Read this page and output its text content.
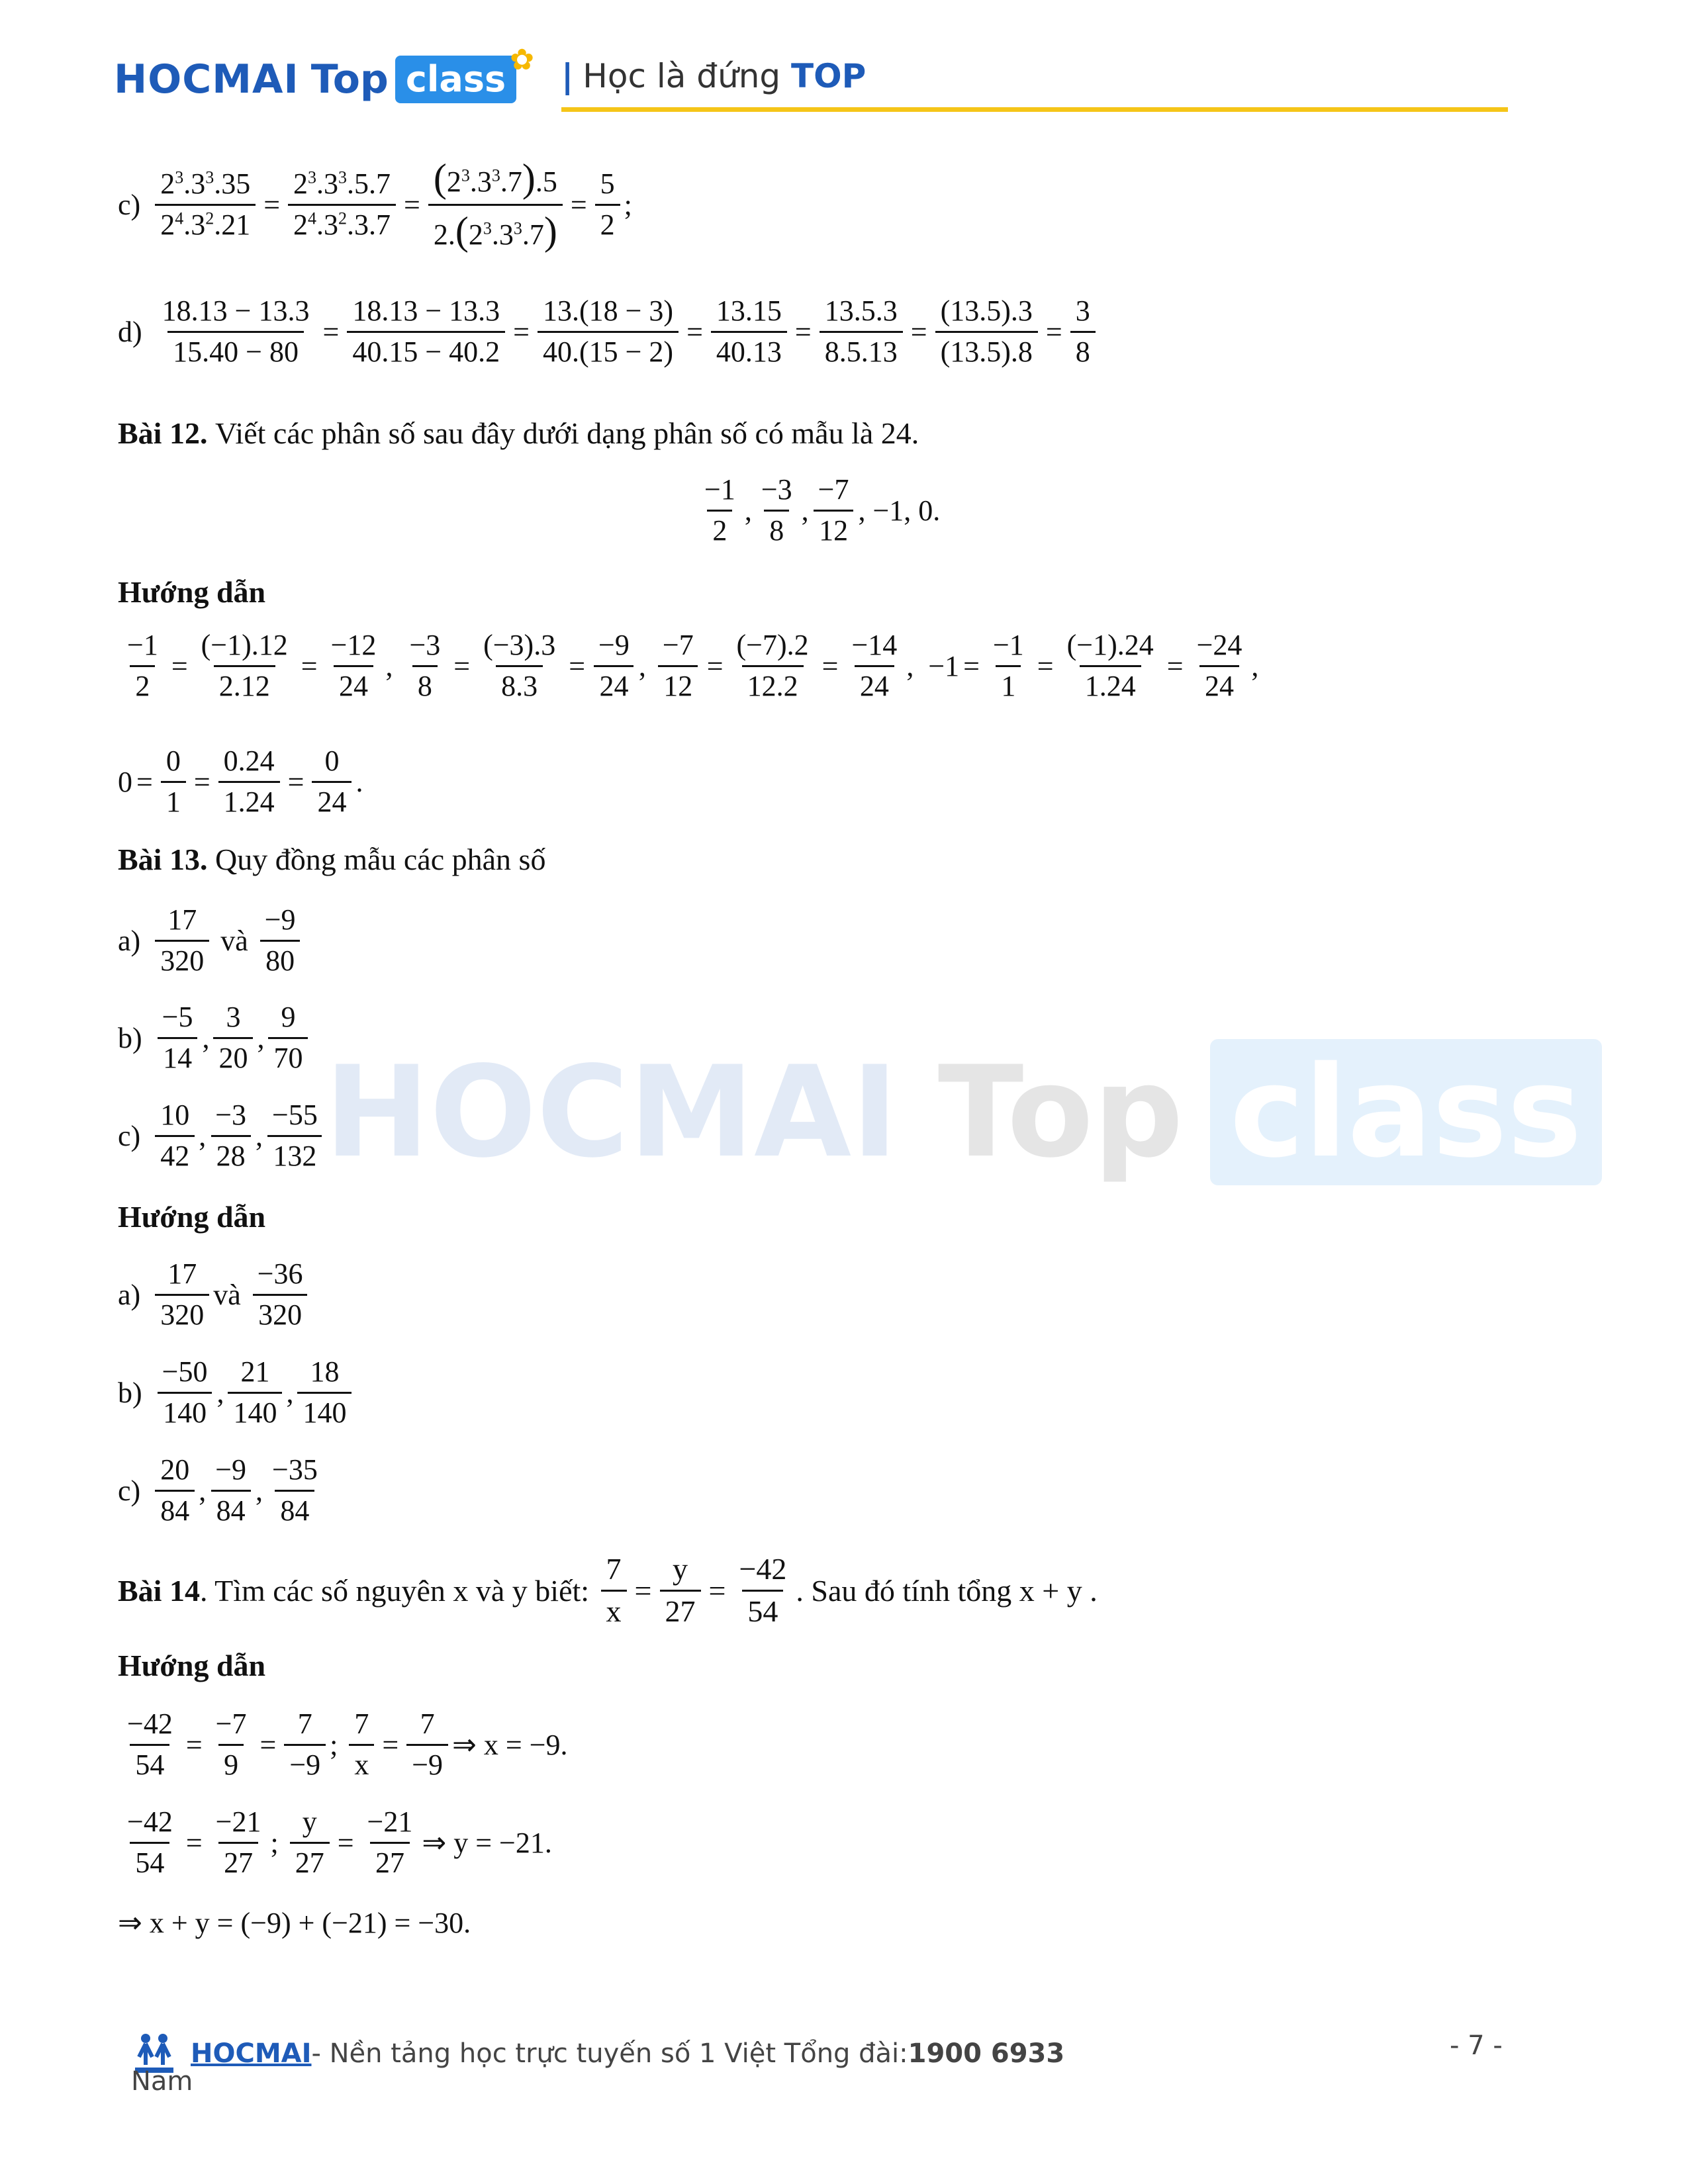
HOCMAI Top class ✿ | Học là đứng TOP
HOCMAI Top class
$c) \frac{2^3.3^3.35}{2^4.3^2.21} = \frac{2^3.3^3.5.7}{2^4.3^2.3.7} = \frac{(2^3.3^3.7).5}{2.(2^3.3^3.7)} = \frac{5}{2}$ ;
$d) \frac{18.13 - 13.3}{15.40 - 80} = \frac{18.13 - 13.3}{40.15 - 40.2} = \frac{13.(18 - 3)}{40.(15 - 2)} = \frac{13.15}{40.13} = \frac{13.5.3}{8.5.13} = \frac{(13.5).3}{(13.5).8} = \frac{3}{8}$
Bài 12.
Viết các phân số sau đây dưới dạng phân số có mẫu là 24.
$\frac{-1}{2}$ , $\frac{-3}{8}$ , $\frac{-7}{12}$ , −1, 0.
Hướng dẫn
$\frac{-1}{2} = \frac{(-1).12}{2.12} = \frac{-12}{24}$ , $\frac{-3}{8} = \frac{(-3).3}{8.3} = \frac{-9}{24}$ , $\frac{-7}{12} = \frac{(-7).2}{12.2} = \frac{-14}{24}$ ,  $-1 = \frac{-1}{1} = \frac{(-1).24}{1.24} = \frac{-24}{24}$ ,
$0 = \frac{0}{1} = \frac{0.24}{1.24} = \frac{0}{24}$ .
Bài 13.
Quy đồng mẫu các phân số
$a) \frac{17}{320}$
và
$\frac{-9}{80}$
$b) \frac{-5}{14}$ , $\frac{3}{20}$ , $\frac{9}{70}$
$c) \frac{10}{42}$ , $\frac{-3}{28}$ , $\frac{-55}{132}$
Hướng dẫn
$a) \frac{17}{320}$ và
$\frac{-36}{320}$
$b) \frac{-50}{140}$ , $\frac{21}{140}$ , $\frac{18}{140}$
$c) \frac{20}{84}$ , $\frac{-9}{84}$ , $\frac{-35}{84}$
Bài 14 . Tìm các số nguyên x và y biết:
$\frac{7}{x} = \frac{y}{27} = \frac{-42}{54}$ . Sau đó tính tổng x + y .
Hướng dẫn
$\frac{-42}{54} = \frac{-7}{9} = \frac{7}{-9}$ ; $\frac{7}{x} = \frac{7}{-9}$ ⇒ x = −9.
$\frac{-42}{54} = \frac{-21}{27}$ ; $\frac{y}{27} = \frac{-21}{27}$ ⇒ y = −21.
⇒ x + y = (−9) + (−21) = −30.
HOCMAI - Nền tảng học trực tuyến số 1 Việt Tổng đài: 1900 6933
Nam
- 7 -
